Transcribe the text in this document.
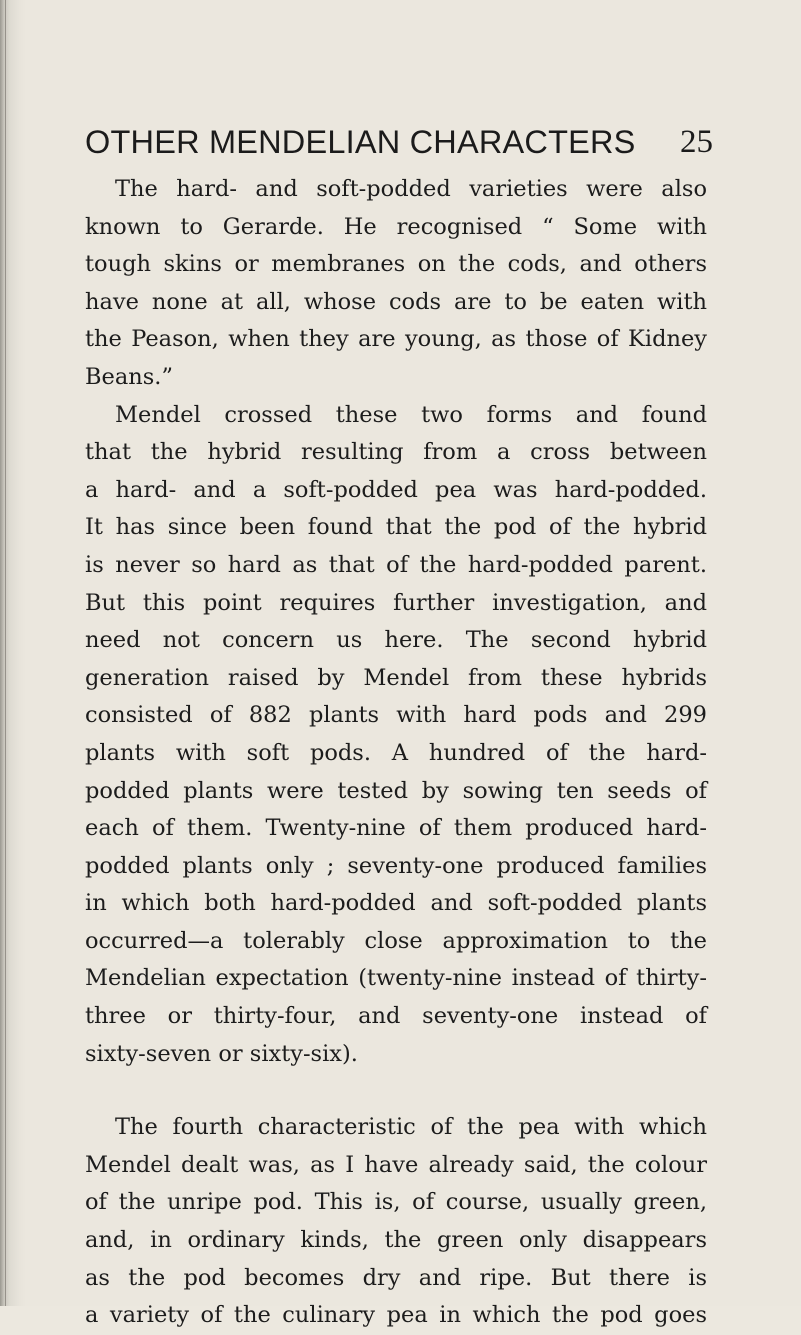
OTHER MENDELIAN CHARACTERS 25
The hard- and soft-podded varieties were also
known to Gerarde. He recognised “ Some with
tough skins or membranes on the cods, and others
have none at all, whose cods are to be eaten with
the Peason, when they are young, as those of Kidney
Beans.”
Mendel crossed these two forms and found
that the hybrid resulting from a cross between
a hard- and a soft-podded pea was hard-podded.
It has since been found that the pod of the hybrid
is never so hard as that of the hard-podded parent.
But this point requires further investigation, and
need not concern us here. The second hybrid
generation raised by Mendel from these hybrids
consisted of 882 plants with hard pods and 299
plants with soft pods. A hundred of the hard-
podded plants were tested by sowing ten seeds of
each of them. Twenty-nine of them produced hard-
podded plants only ; seventy-one produced families
in which both hard-podded and soft-podded plants
occurred—a tolerably close approximation to the
Mendelian expectation (twenty-nine instead of thirty-
three or thirty-four, and seventy-one instead of
sixty-seven or sixty-six).
The fourth characteristic of the pea with which
Mendel dealt was, as I have already said, the colour
of the unripe pod. This is, of course, usually green,
and, in ordinary kinds, the green only disappears
as the pod becomes dry and ripe. But there is
a variety of the culinary pea in which the pod goes
